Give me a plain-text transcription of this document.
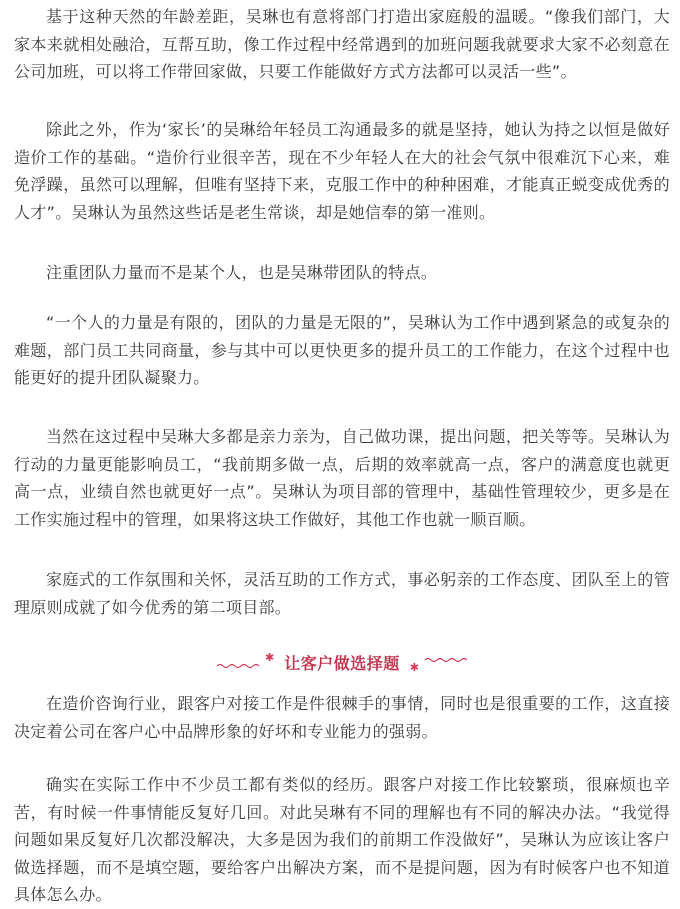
基于这种天然的年龄差距，吴琳也有意将部门打造出家庭般的温暖。“像我们部门，大家本来就相处融洽，互帮互助，像工作过程中经常遇到的加班问题我就要求大家不必刻意在公司加班，可以将工作带回家做，只要工作能做好方式方法都可以灵活一些”。

除此之外，作为‘家长’的吴琳给年轻员工沟通最多的就是坚持，她认为持之以恒是做好造价工作的基础。“造价行业很辛苦，现在不少年轻人在大的社会气氛中很难沉下心来，难免浮躁，虽然可以理解，但唯有坚持下来，克服工作中的种种困难，才能真正蜕变成优秀的人才”。吴琳认为虽然这些话是老生常谈，却是她信奉的第一准则。

注重团队力量而不是某个人，也是吴琳带团队的特点。

“一个人的力量是有限的，团队的力量是无限的”，吴琳认为工作中遇到紧急的或复杂的难题，部门员工共同商量，参与其中可以更快更多的提升员工的工作能力，在这个过程中也能更好的提升团队凝聚力。

当然在这过程中吴琳大多都是亲力亲为，自己做功课，提出问题，把关等等。吴琳认为行动的力量更能影响员工，“我前期多做一点，后期的效率就高一点，客户的满意度也就更高一点，业绩自然也就更好一点”。吴琳认为项目部的管理中，基础性管理较少，更多是在工作实施过程中的管理，如果将这块工作做好，其他工作也就一顺百顺。

家庭式的工作氛围和关怀，灵活互助的工作方式，事必躬亲的工作态度、团队至上的管理原则成就了如今优秀的第二项目部。

✱ 让客户做选择题 ✱

在造价咨询行业，跟客户对接工作是件很棘手的事情，同时也是很重要的工作，这直接决定着公司在客户心中品牌形象的好坏和专业能力的强弱。

确实在实际工作中不少员工都有类似的经历。跟客户对接工作比较繁琐，很麻烦也辛苦，有时候一件事情能反复好几回。对此吴琳有不同的理解也有不同的解决办法。“我觉得问题如果反复好几次都没解决，大多是因为我们的前期工作没做好”，吴琳认为应该让客户做选择题，而不是填空题，要给客户出解决方案，而不是提问题，因为有时候客户也不知道具体怎么办。
